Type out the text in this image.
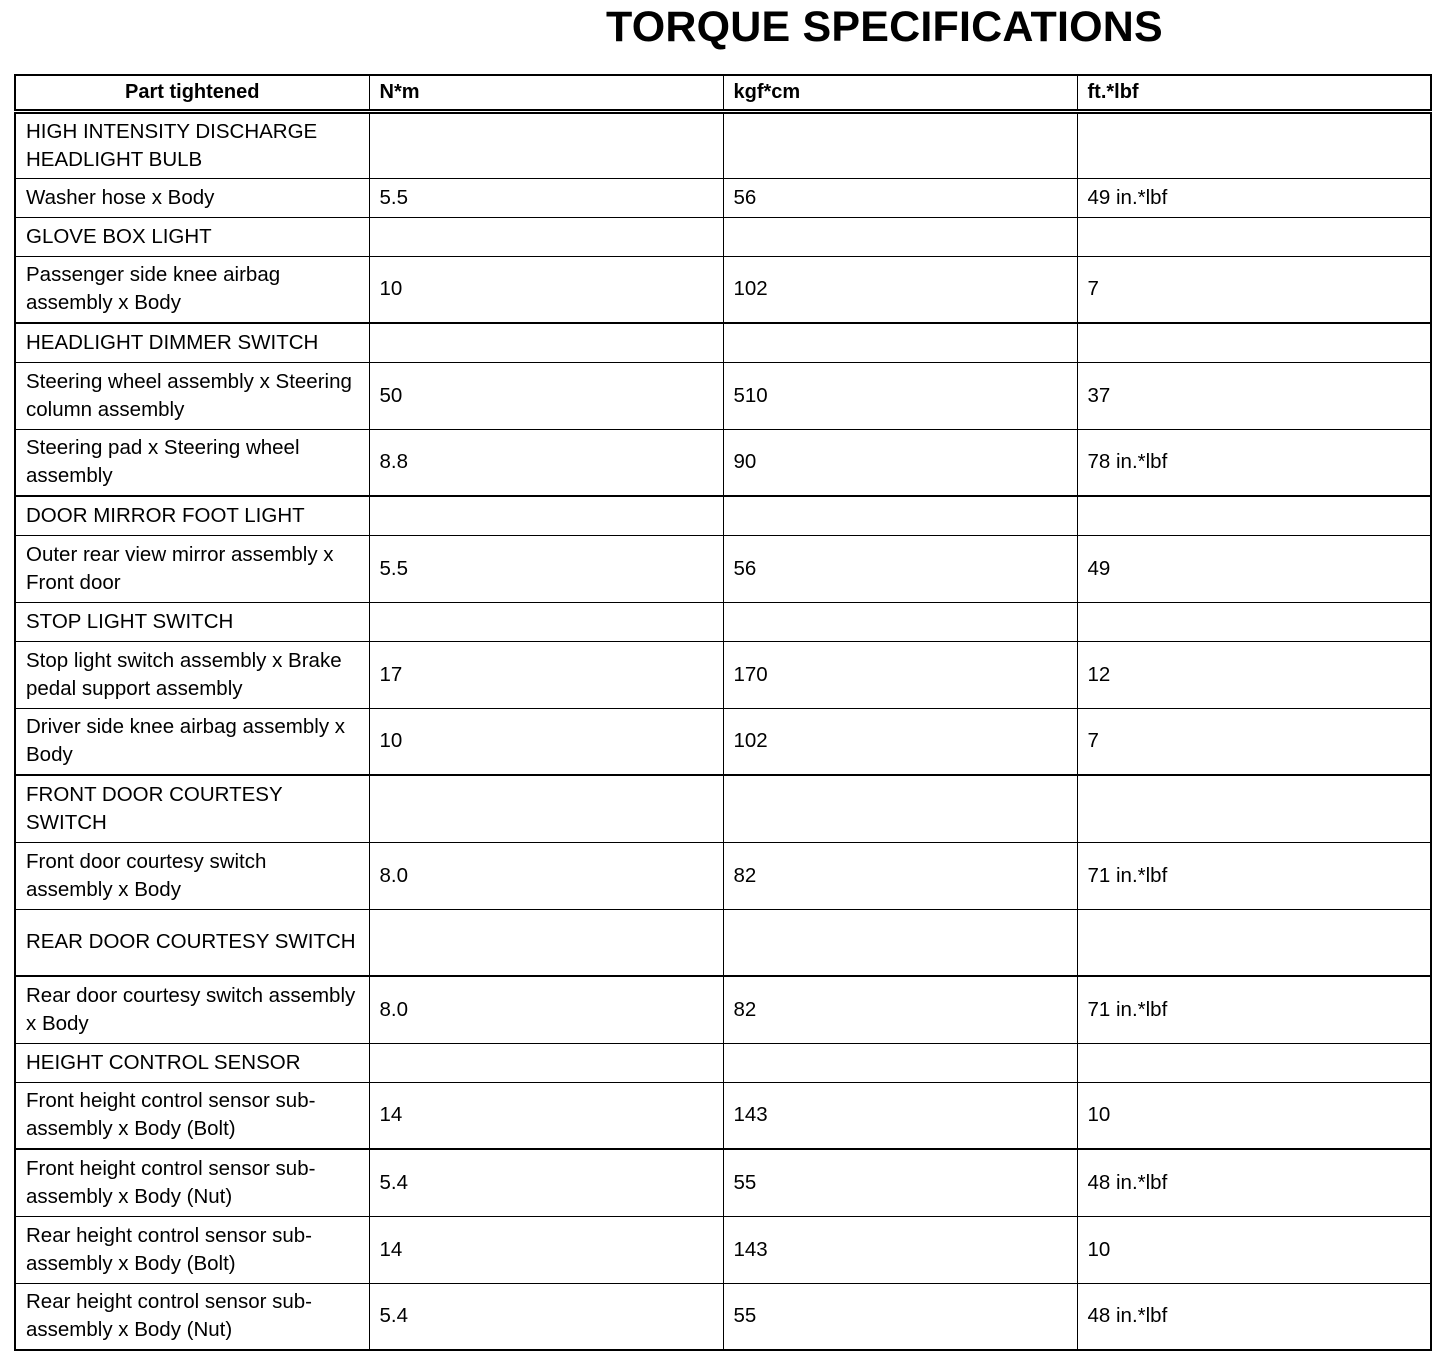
TORQUE SPECIFICATIONS
Part tightened	N*m	kgf*cm	ft.*lbf
HIGH INTENSITY DISCHARGE HEADLIGHT BULB			
Washer hose x Body	5.5	56	49 in.*lbf
GLOVE BOX LIGHT			
Passenger side knee airbag assembly x Body	10	102	7
HEADLIGHT DIMMER SWITCH			
Steering wheel assembly x Steering column assembly	50	510	37
Steering pad x Steering wheel assembly	8.8	90	78 in.*lbf
DOOR MIRROR FOOT LIGHT			
Outer rear view mirror assembly x Front door	5.5	56	49
STOP LIGHT SWITCH			
Stop light switch assembly x Brake pedal support assembly	17	170	12
Driver side knee airbag assembly x Body	10	102	7
FRONT DOOR COURTESY SWITCH			
Front door courtesy switch assembly x Body	8.0	82	71 in.*lbf
REAR DOOR COURTESY SWITCH			
Rear door courtesy switch assembly x Body	8.0	82	71 in.*lbf
HEIGHT CONTROL SENSOR			
Front height control sensor sub-assembly x Body (Bolt)	14	143	10
Front height control sensor sub-assembly x Body (Nut)	5.4	55	48 in.*lbf
Rear height control sensor sub-assembly x Body (Bolt)	14	143	10
Rear height control sensor sub-assembly x Body (Nut)	5.4	55	48 in.*lbf
